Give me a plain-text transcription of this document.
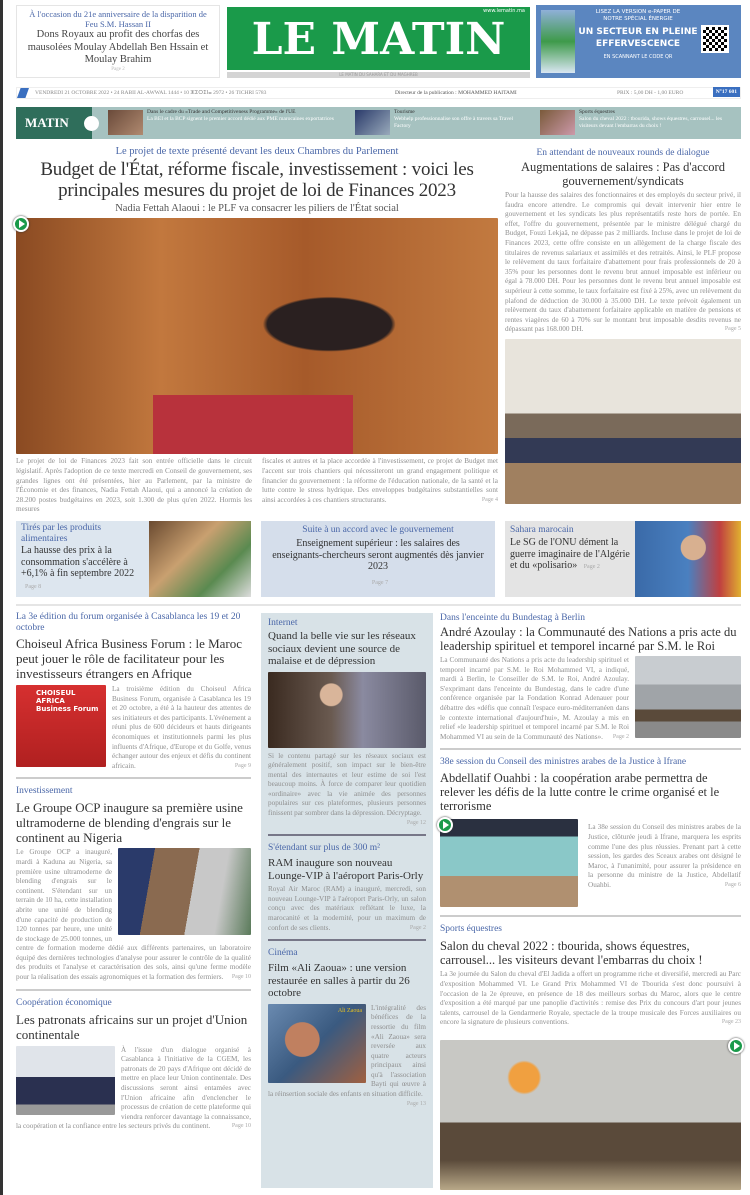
À l'occasion du 21e anniversaire de la disparition de Feu S.M. Hassan II
Dons Royaux au profit des chorfas des mausolées Moulay Abdellah Ben Hssain et Moulay Brahim
Page 2
www.lematin.ma
LE MATIN
LE MATIN DU SAHARA ET DU MAGHREB
LISEZ LA VERSION e-PAPER DE
NOTRE SPÉCIAL ÉNERGIE
UN SECTEUR EN PLEINE EFFERVESCENCE
EN SCANNANT LE CODE QR
VENDREDI 21 OCTOBRE 2022 • 24 RABII AL-AWWAL 1444 • 10 ⵣⵉⵔⵉⵏⴰ 2972 • 26 TICHRI 5783	Directeur de la publication : MOHAMMED HAITAMI	PRIX : 5,00 DH - 1,00 EURO	N°17 601
MATIN
Dans le cadre du «Trade and Competitiveness Programme» de l'UE
La BEI et la BCP signent le premier accord dédié aux PME marocaines exportatrices
Tourisme
Webhelp professionnalise son offre à travers sa Travel Factory
Sports équestres
Salon du cheval 2022 : tbourida, shows équestres, carrousel... les visiteurs devant l'embarras du choix !
Le projet de texte présenté devant les deux Chambres du Parlement
Budget de l'État, réforme fiscale, investissement : voici les principales mesures du projet de loi de Finances 2023
Nadia Fettah Alaoui : le PLF va consacrer les piliers de l'État social
Le projet de loi de Finances 2023 fait son entrée officielle dans le circuit législatif. Après l'adoption de ce texte mercredi en Conseil de gouvernement, ses grandes lignes ont été présentées, hier au Parlement, par la ministre de l'Économie et des finances, Nadia Fettah Alaoui, qui a annoncé la création de 28.200 postes budgétaires en 2023, soit 1.300 de plus qu'en 2022. Hormis les mesures
fiscales et autres et la place accordée à l'investissement, ce projet de Budget met l'accent sur trois chantiers qui nécessiteront un grand engagement politique et financier du gouvernement : la réforme de l'éducation nationale, de la santé et la lutte contre le stress hydrique. Des enveloppes budgétaires substantielles sont ainsi accordées à ces chantiers structurants.	Page 4
En attendant de nouveaux rounds de dialogue
Augmentations de salaires : Pas d'accord gouvernement/syndicats
Pour la hausse des salaires des fonctionnaires et des employés du secteur privé, il faudra encore attendre. Le compromis qui devait intervenir hier entre le gouvernement et les syndicats les plus représentatifs reste hors de portée. En effet, l'offre du gouvernement, présentée par le ministre délégué chargé du Budget, Fouzi Lekjaâ, ne dépasse pas 2 milliards. Incluse dans le projet de loi de Finances 2023, cette offre consiste en un allègement de la charge fiscale des titulaires de revenus salariaux et assimilés et des retraités. Ainsi, le PLF propose le relèvement du taux forfaitaire d'abattement pour frais professionnels de 20 à 35% pour les personnes dont le revenu brut annuel imposable est inférieur ou égal à 78.000 DH. Pour les personnes dont le revenu brut annuel imposable est supérieur à cette somme, le taux forfaitaire est fixé à 25%, avec un relèvement du plafond de déduction de 30.000 à 35.000 DH. Le texte prévoit également un relèvement du taux d'abattement forfaitaire applicable en matière de pensions et rentes viagères de 60 à 70% sur le montant brut imposable desdits revenus ne dépassant pas 168.000 DH.	Page 5
Tirés par les produits alimentaires
La hausse des prix à la consommation s'accélère à +6,1% à fin septembre 2022 Page 8
Suite à un accord avec le gouvernement
Enseignement supérieur : les salaires des enseignants-chercheurs seront augmentés dès janvier 2023
Page 7
Sahara marocain
Le SG de l'ONU dément la guerre imaginaire de l'Algérie et du «polisario» Page 2
La 3e édition du forum organisée à Casablanca les 19 et 20 octobre
Choiseul Africa Business Forum : le Maroc peut jouer le rôle de facilitateur pour les investisseurs étrangers en Afrique
CHOISEUL AFRICA Business Forum
La troisième édition du Choiseul Africa Business Forum, organisée à Casablanca les 19 et 20 octobre, a été à la hauteur des attentes de ses initiateurs et des participants. L'événement a réuni plus de 600 décideurs et hauts dirigeants économiques et institutionnels parmi les plus influents d'Afrique, d'Europe et du Golfe, venus échanger autour des enjeux et défis du continent africain.	Page 9
Investissement
Le Groupe OCP inaugure sa première usine ultramoderne de blending d'engrais sur le continent au Nigeria
Le Groupe OCP a inauguré, mardi à Kaduna au Nigeria, sa première usine ultramoderne de blending d'engrais sur le continent. S'étendant sur un terrain de 10 ha, cette installation abrite une unité de blending d'une capacité de production de 120 tonnes par heure, une unité de stockage de 25.000 tonnes, un centre de formation moderne dédié aux différents partenaires, un laboratoire équipé des dernières technologies d'analyse pour assurer le contrôle de la qualité des produits et l'analyse et caractérisation des sols, ainsi qu'une ferme modèle pour la réalisation des essais agronomiques et la formation des fermiers. Page 10
Coopération économique
Les patronats africains sur un projet d'Union continentale
À l'issue d'un dialogue organisé à Casablanca à l'initiative de la CGEM, les patronats de 20 pays d'Afrique ont décidé de mettre en place leur Union continentale. Des discussions seront ainsi entamées avec l'Union africaine afin d'enclencher le processus de création de cette plateforme qui viendra renforcer davantage la connaissance, la coopération et la confiance entre les secteurs privés du continent.	Page 10
Internet
Quand la belle vie sur les réseaux sociaux devient une source de malaise et de dépression
Si le contenu partagé sur les réseaux sociaux est généralement positif, son impact sur le bien-être mental des internautes et leur estime de soi l'est beaucoup moins. À force de comparer leur quotidien «ordinaire» avec la vie animée des personnes populaires sur ces plateformes, plusieurs personnes finissent par sombrer dans la dépression. Décryptage.
Page 12
S'étendant sur plus de 300 m²
RAM inaugure son nouveau Lounge-VIP à l'aéroport Paris-Orly
Royal Air Maroc (RAM) a inauguré, mercredi, son nouveau Lounge-VIP à l'aéroport Paris-Orly, un salon conçu avec des matériaux reflétant le luxe, la marocanité et la modernité, pour un maximum de confort de ses clients.	Page 2
Cinéma
Film «Ali Zaoua» : une version restaurée en salles à partir du 26 octobre
Ali Zaoua	L'intégralité des bénéfices de la ressortie du film «Ali Zaoua» sera reversée aux quatre acteurs principaux ainsi qu'à l'association Bayti qui œuvre à la réinsertion sociale des enfants en situation difficile.
Page 13
Dans l'enceinte du Bundestag à Berlin
André Azoulay : la Communauté des Nations a pris acte du leadership spirituel et temporel incarné par S.M. le Roi
La Communauté des Nations a pris acte du leadership spirituel et temporel incarné par S.M. le Roi Mohammed VI, a indiqué, mardi à Berlin, le Conseiller de S.M. le Roi, André Azoulay. S'exprimant dans l'enceinte du Bundestag, dans le cadre d'une conférence organisée par la Fondation Konrad Adenauer pour débattre des «défis que connaît l'espace euro-méditerranéen dans le contexte international d'aujourd'hui», M. Azoulay a mis en relief «le leadership spirituel et temporel incarné par S.M. le Roi Mohammed VI au sein de la Communauté des Nations». Page 2
38e session du Conseil des ministres arabes de la Justice à Ifrane
Abdellatif Ouahbi : la coopération arabe permettra de relever les défis de la lutte contre le crime organisé et le terrorisme
La 38e session du Conseil des ministres arabes de la Justice, clôturée jeudi à Ifrane, marquera les esprits comme l'une des plus réussies. Prenant part à cette session, les gardes des Sceaux arabes ont désigné le Maroc, à l'unanimité, pour assurer la présidence en la personne du ministre de la Justice, Abdellatif Ouahbi.	Page 6
Sports équestres
Salon du cheval 2022 : tbourida, shows équestres, carrousel... les visiteurs devant l'embarras du choix !
La 3e journée du Salon du cheval d'El Jadida a offert un programme riche et diversifié, mercredi au Parc d'exposition Mohammed VI. Le Grand Prix Mohammed VI de Tbourida s'est donc poursuivi à l'occasion de la 2e épreuve, en présence de 18 des meilleurs sorbas du Maroc, alors que le centre d'exposition a été marqué par une panoplie d'activités : remise des Prix du concours d'art pour jeunes talents, carrousel de la Gendarmerie Royale, spectacle de la troupe musicale des Forces auxiliaires ou encore la signature de plusieurs conventions.	Page 23
